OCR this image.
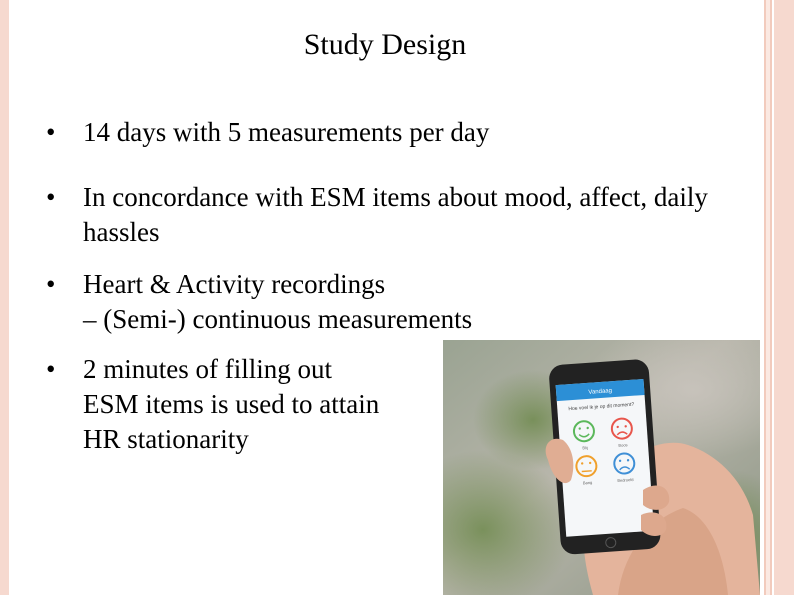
Study Design
• 14 days with 5 measurements per day
• In concordance with ESM items about mood, affect, daily hassles
• Heart & Activity recordings
– (Semi-) continuous measurements
• 2 minutes of filling out
ESM items is used to attain
HR stationarity
Vandaag
Hoe voel ik je op dit moment?
Blij	Boos
Bang	Bedroefd
